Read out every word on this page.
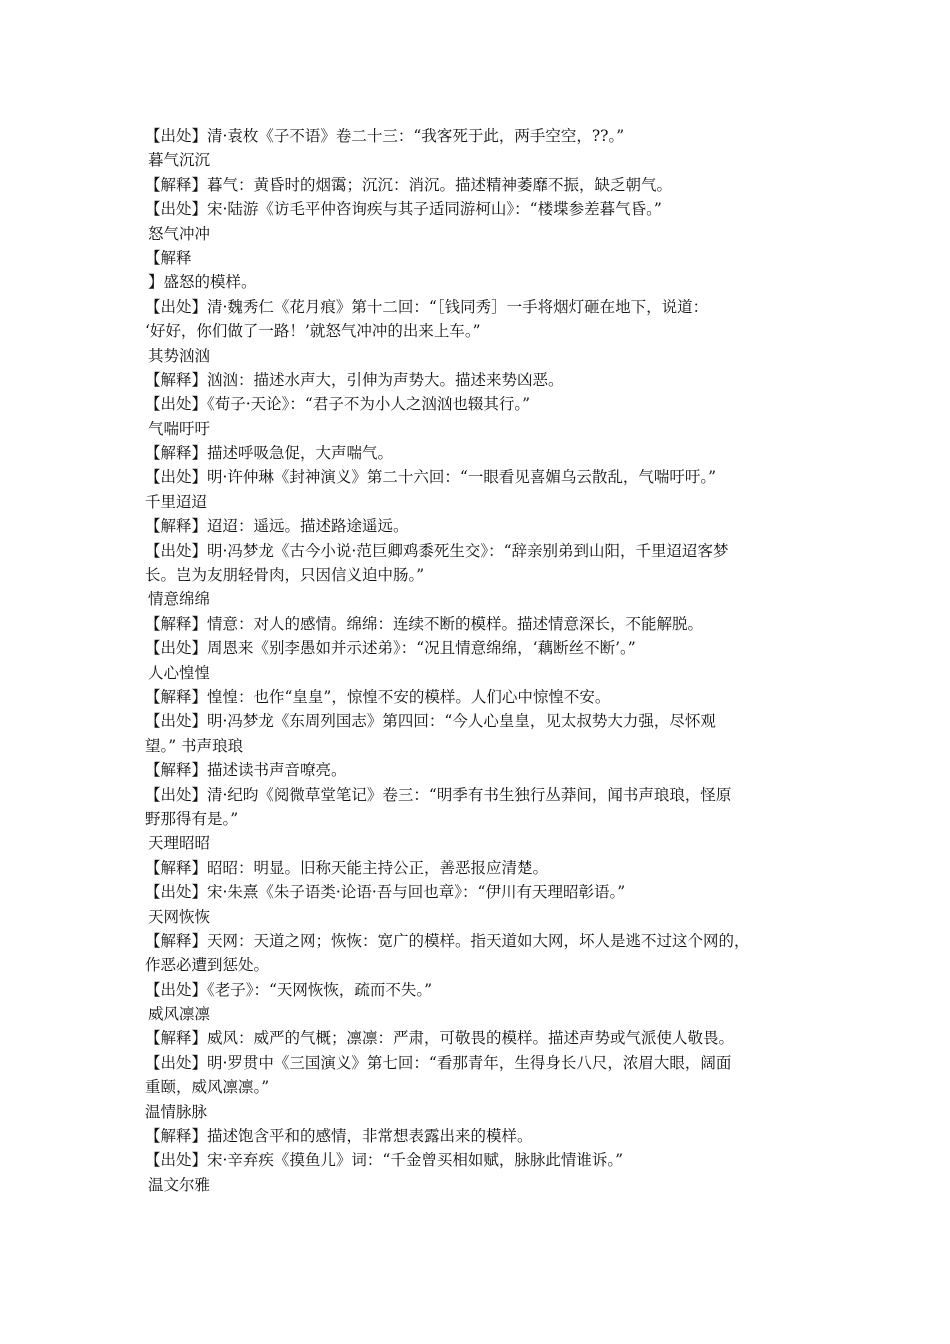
【出处】清·袁枚《子不语》卷二十三：“我客死于此，两手空空，??。”
暮气沉沉
【解释】暮气：黄昏时的烟霭；沉沉：消沉。描述精神萎靡不振，缺乏朝气。
【出处】宋·陆游《访毛平仲咨询疾与其子适同游柯山》：“楼堞参差暮气昏。”
怒气冲冲
【解释
】盛怒的模样。
【出处】清·魏秀仁《花月痕》第十二回：“［钱同秀］一手将烟灯砸在地下，说道：
‘好好，你们做了一路！’就怒气冲冲的出来上车。”
其势汹汹
【解释】汹汹：描述水声大，引伸为声势大。描述来势凶恶。
【出处】《荀子·天论》：“君子不为小人之汹汹也辍其行。”
气喘吁吁
【解释】描述呼吸急促，大声喘气。
【出处】明·许仲琳《封神演义》第二十六回：“一眼看见喜媚乌云散乱，气喘吁吁。”
千里迢迢
【解释】迢迢：遥远。描述路途遥远。
【出处】明·冯梦龙《古今小说·范巨卿鸡黍死生交》：“辞亲别弟到山阳，千里迢迢客梦
长。岂为友朋轻骨肉，只因信义迫中肠。”
情意绵绵
【解释】情意：对人的感情。绵绵：连续不断的模样。描述情意深长，不能解脱。
【出处】周恩来《别李愚如并示述弟》：“况且情意绵绵，‘藕断丝不断’。”
人心惶惶
【解释】惶惶：也作“皇皇”，惊惶不安的模样。人们心中惊惶不安。
【出处】明·冯梦龙《东周列国志》第四回：“今人心皇皇，见太叔势大力强，尽怀观
望。” 书声琅琅
【解释】描述读书声音嘹亮。
【出处】清·纪昀《阅微草堂笔记》卷三：“明季有书生独行丛莽间，闻书声琅琅，怪原
野那得有是。”
天理昭昭
【解释】昭昭：明显。旧称天能主持公正，善恶报应清楚。
【出处】宋·朱熹《朱子语类·论语·吾与回也章》：“伊川有天理昭彰语。”
天网恢恢
【解释】天网：天道之网；恢恢：宽广的模样。指天道如大网，坏人是逃不过这个网的，
作恶必遭到惩处。
【出处】《老子》：“天网恢恢，疏而不失。”
威风凛凛
【解释】威风：威严的气概；凛凛：严肃，可敬畏的模样。描述声势或气派使人敬畏。
【出处】明·罗贯中《三国演义》第七回：“看那青年，生得身长八尺，浓眉大眼，阔面
重颐，威风凛凛。”
温情脉脉
【解释】描述饱含平和的感情，非常想表露出来的模样。
【出处】宋·辛弃疾《摸鱼儿》词：“千金曾买相如赋，脉脉此情谁诉。”
温文尔雅
